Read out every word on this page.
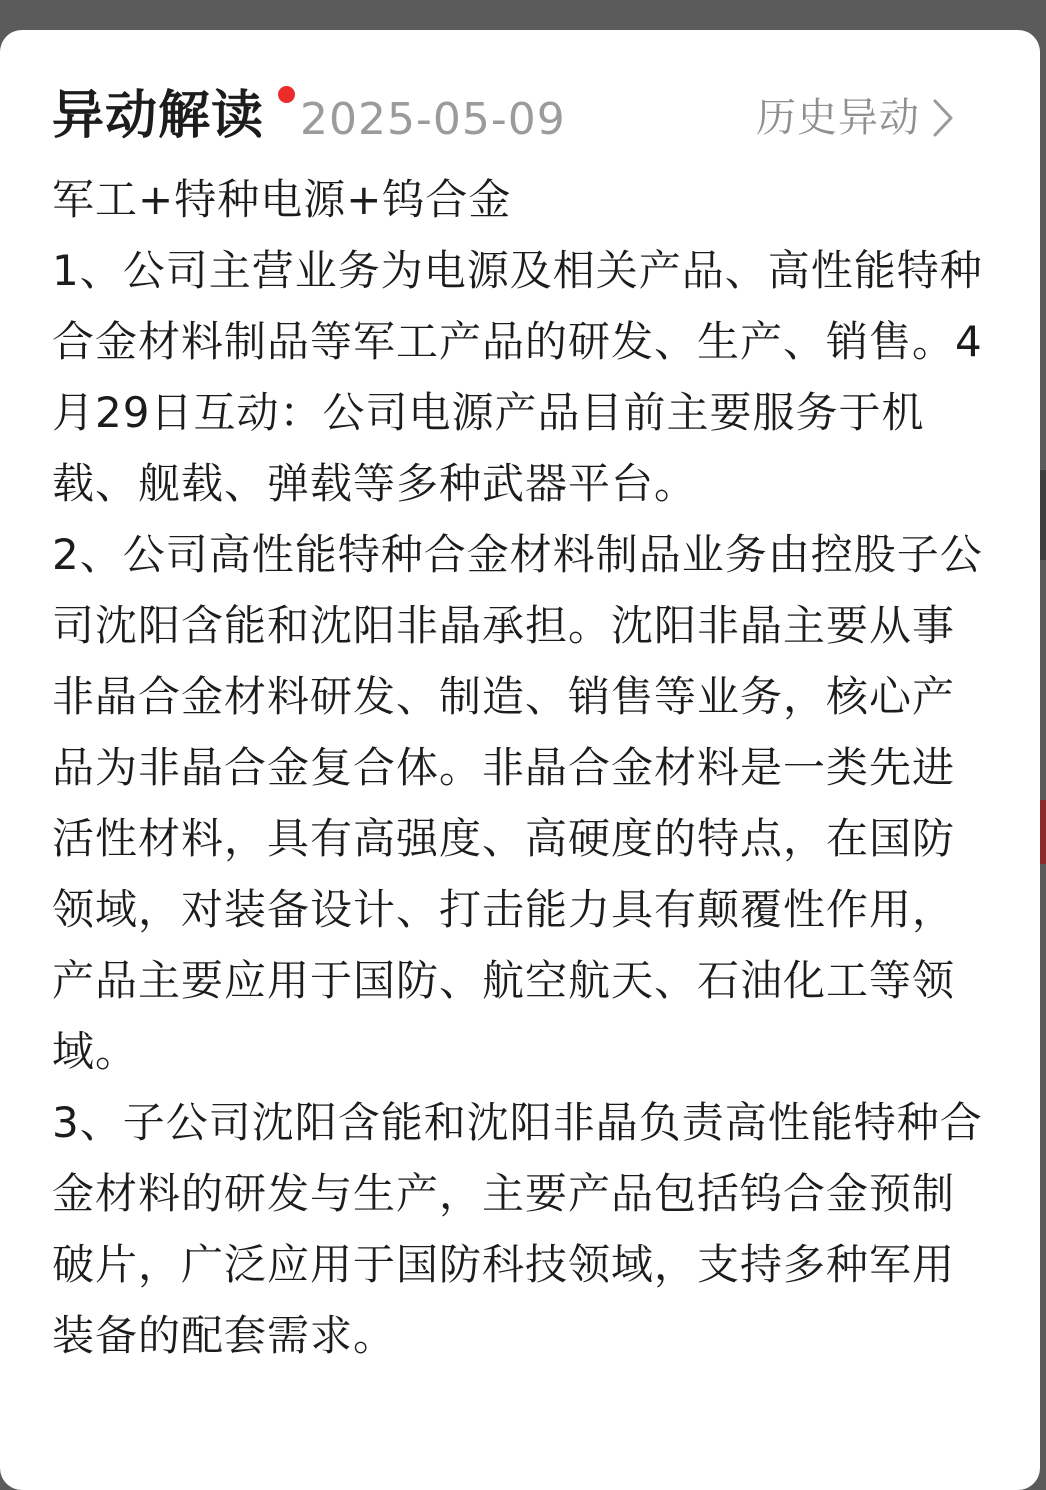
异动解读 2025-05-09	历史异动

军工+特种电源+钨合金

1、公司主营业务为电源及相关产品、高性能特种合金材料制品等军工产品的研发、生产、销售。4月29日互动：公司电源产品目前主要服务于机载、舰载、弹载等多种武器平台。

2、公司高性能特种合金材料制品业务由控股子公司沈阳含能和沈阳非晶承担。沈阳非晶主要从事非晶合金材料研发、制造、销售等业务，核心产品为非晶合金复合体。非晶合金材料是一类先进活性材料，具有高强度、高硬度的特点，在国防领域，对装备设计、打击能力具有颠覆性作用，产品主要应用于国防、航空航天、石油化工等领域。

3、子公司沈阳含能和沈阳非晶负责高性能特种合金材料的研发与生产，主要产品包括钨合金预制破片，广泛应用于国防科技领域，支持多种军用装备的配套需求。
